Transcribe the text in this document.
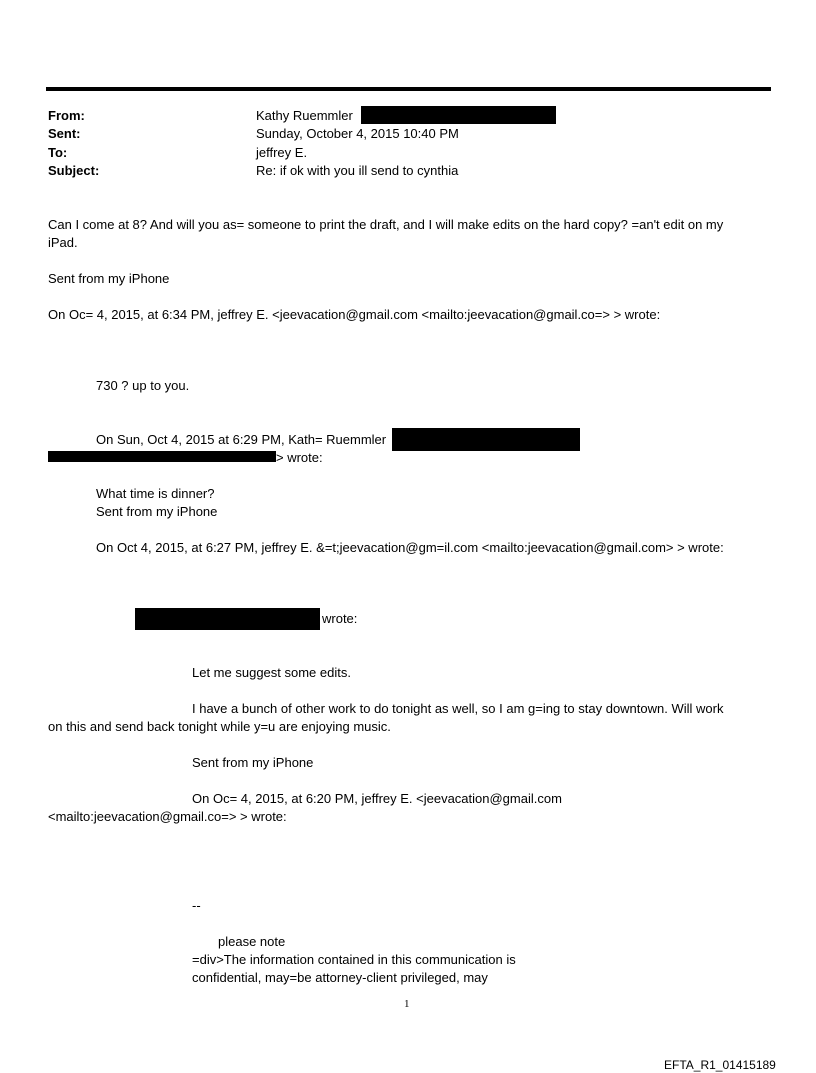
From:	Kathy Ruemmler
Sent:	Sunday, October 4, 2015 10:40 PM
To:	jeffrey E.
Subject:	Re: if ok with you ill send to cynthia
Can I come at 8? And will you as= someone to print the draft, and I will make edits on the hard copy? =an't edit on my
iPad.
Sent from my iPhone
On Oc= 4, 2015, at 6:34 PM, jeffrey E. <jeevacation@gmail.com <mailto:jeevacation@gmail.co=> > wrote:
730 ? up to you.
On Sun, Oct 4, 2015 at 6:29 PM, Kath= Ruemmler
> wrote:
What time is dinner?
Sent from my iPhone
On Oct 4, 2015, at 6:27 PM, jeffrey E. &=t;jeevacation@gm=il.com <mailto:jeevacation@gmail.com> > wrote:
wrote:
Let me suggest some edits.
I have a bunch of other work to do tonight as well, so I am g=ing to stay downtown. Will work
on this and send back tonight while y=u are enjoying music.
Sent from my iPhone
On Oc= 4, 2015, at 6:20 PM, jeffrey E. <jeevacation@gmail.com
<mailto:jeevacation@gmail.co=> > wrote:
--
please note
=div>The information contained in this communication is
confidential, may=be attorney-client privileged, may
1
EFTA_R1_01415189
